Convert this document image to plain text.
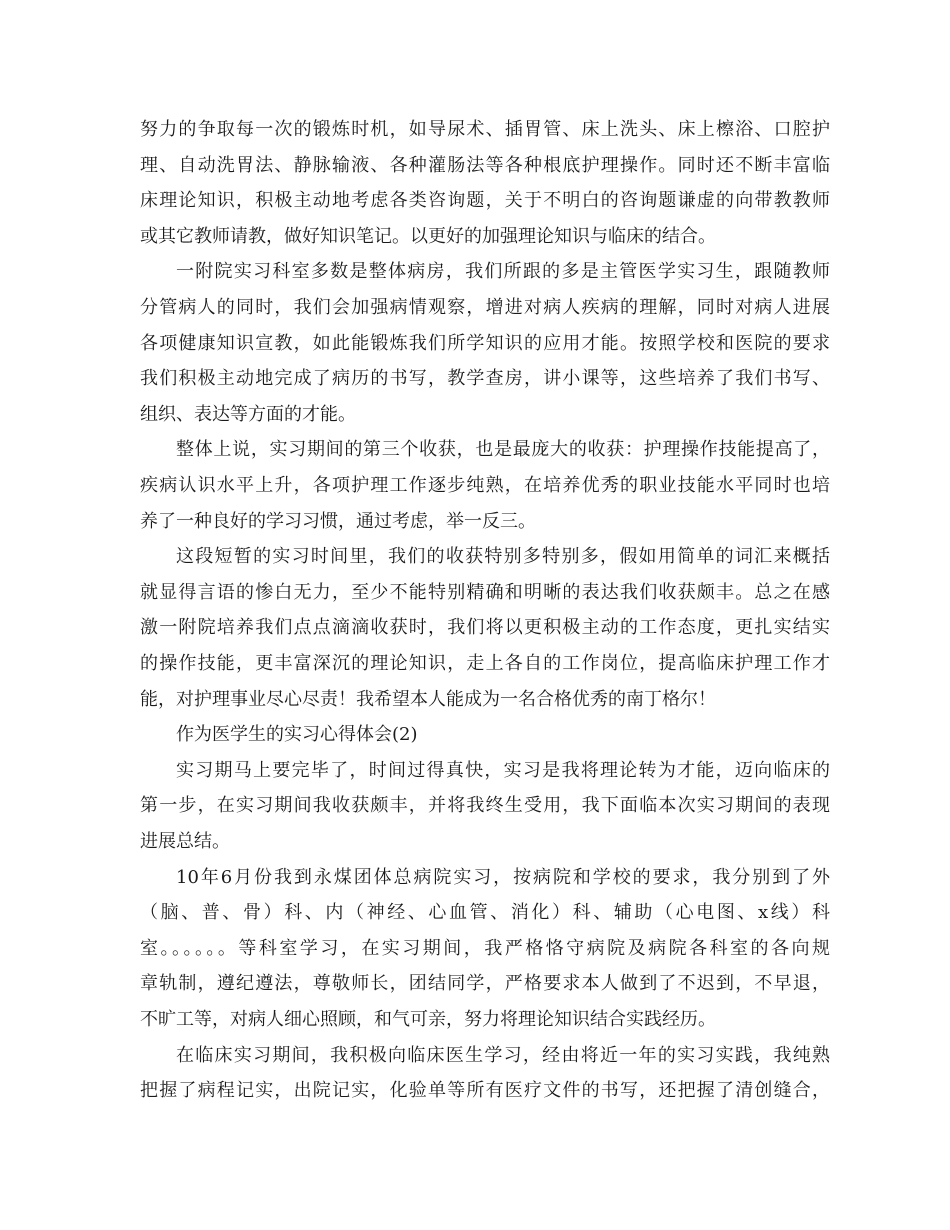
努力的争取每一次的锻炼时机，如导尿术、插胃管、床上洗头、床上檫浴、口腔护
理、自动洗胃法、静脉输液、各种灌肠法等各种根底护理操作。同时还不断丰富临
床理论知识，积极主动地考虑各类咨询题，关于不明白的咨询题谦虚的向带教教师
或其它教师请教，做好知识笔记。以更好的加强理论知识与临床的结合。
一附院实习科室多数是整体病房，我们所跟的多是主管医学实习生，跟随教师
分管病人的同时，我们会加强病情观察，增进对病人疾病的理解，同时对病人进展
各项健康知识宣教，如此能锻炼我们所学知识的应用才能。按照学校和医院的要求
我们积极主动地完成了病历的书写，教学查房，讲小课等，这些培养了我们书写、
组织、表达等方面的才能。
整体上说，实习期间的第三个收获，也是最庞大的收获：护理操作技能提高了，
疾病认识水平上升，各项护理工作逐步纯熟，在培养优秀的职业技能水平同时也培
养了一种良好的学习习惯，通过考虑，举一反三。
这段短暂的实习时间里，我们的收获特别多特别多，假如用简单的词汇来概括
就显得言语的惨白无力，至少不能特别精确和明晰的表达我们收获颇丰。总之在感
激一附院培养我们点点滴滴收获时，我们将以更积极主动的工作态度，更扎实结实
的操作技能，更丰富深沉的理论知识，走上各自的工作岗位，提高临床护理工作才
能，对护理事业尽心尽责！我希望本人能成为一名合格优秀的南丁格尔！
作为医学生的实习心得体会(2)
实习期马上要完毕了，时间过得真快，实习是我将理论转为才能，迈向临床的
第一步，在实习期间我收获颇丰，并将我终生受用，我下面临本次实习期间的表现
进展总结。
10年6月份我到永煤团体总病院实习，按病院和学校的要求，我分别到了外
（脑、普、骨）科、内（神经、心血管、消化）科、辅助（心电图、x线）科
室。。。。。。等科室学习，在实习期间，我严格恪守病院及病院各科室的各向规
章轨制，遵纪遵法，尊敬师长，团结同学，严格要求本人做到了不迟到，不早退，
不旷工等，对病人细心照顾，和气可亲，努力将理论知识结合实践经历。
在临床实习期间，我积极向临床医生学习，经由将近一年的实习实践，我纯熟
把握了病程记实，出院记实，化验单等所有医疗文件的书写，还把握了清创缝合，
